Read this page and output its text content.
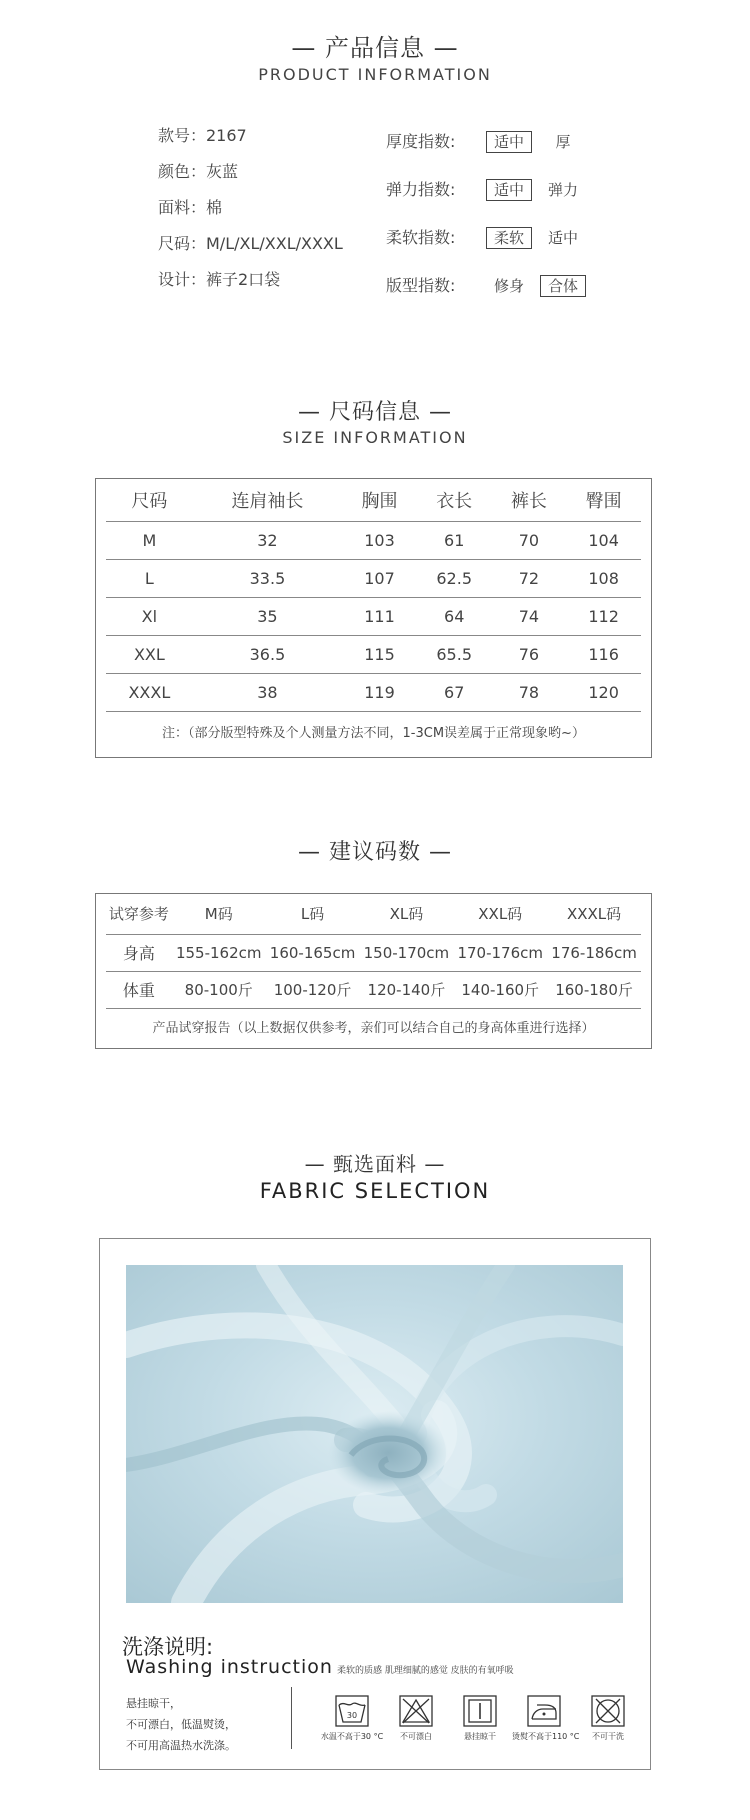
— 产品信息 —
PRODUCT INFORMATION
款号：2167
颜色：灰蓝
面料：棉
尺码：M/L/XL/XXL/XXXL
设计：裤子2口袋
厚度指数:	适中	厚
弹力指数:	适中	弹力
柔软指数:	柔软	适中
版型指数:	修身	合体
— 尺码信息 —
SIZE INFORMATION
尺码	连肩袖长	胸围	衣长	裤长	臀围
M	32	103	61	70	104
L	33.5	107	62.5	72	108
Xl	35	111	64	74	112
XXL	36.5	115	65.5	76	116
XXXL	38	119	67	78	120
注：（部分版型特殊及个人测量方法不同，1-3CM误差属于正常现象哟~）
— 建议码数 —
试穿参考	M码	L码	XL码	XXL码	XXXL码
身高	155-162cm	160-165cm	150-170cm	170-176cm	176-186cm
体重	80-100斤	100-120斤	120-140斤	140-160斤	160-180斤
产品试穿报告（以上数据仅供参考，亲们可以结合自己的身高体重进行选择）
— 甄选面料 —
FABRIC SELECTION
洗涤说明:
Washing instruction 柔软的质感 肌理细腻的感觉 皮肤的有氧呼吸
悬挂晾干，
不可漂白，低温熨烫，
不可用高温热水洗涤。
30
水温不高于30 °C	不可漂白	悬挂晾干	烫熨不高于110 °C	不可干洗
